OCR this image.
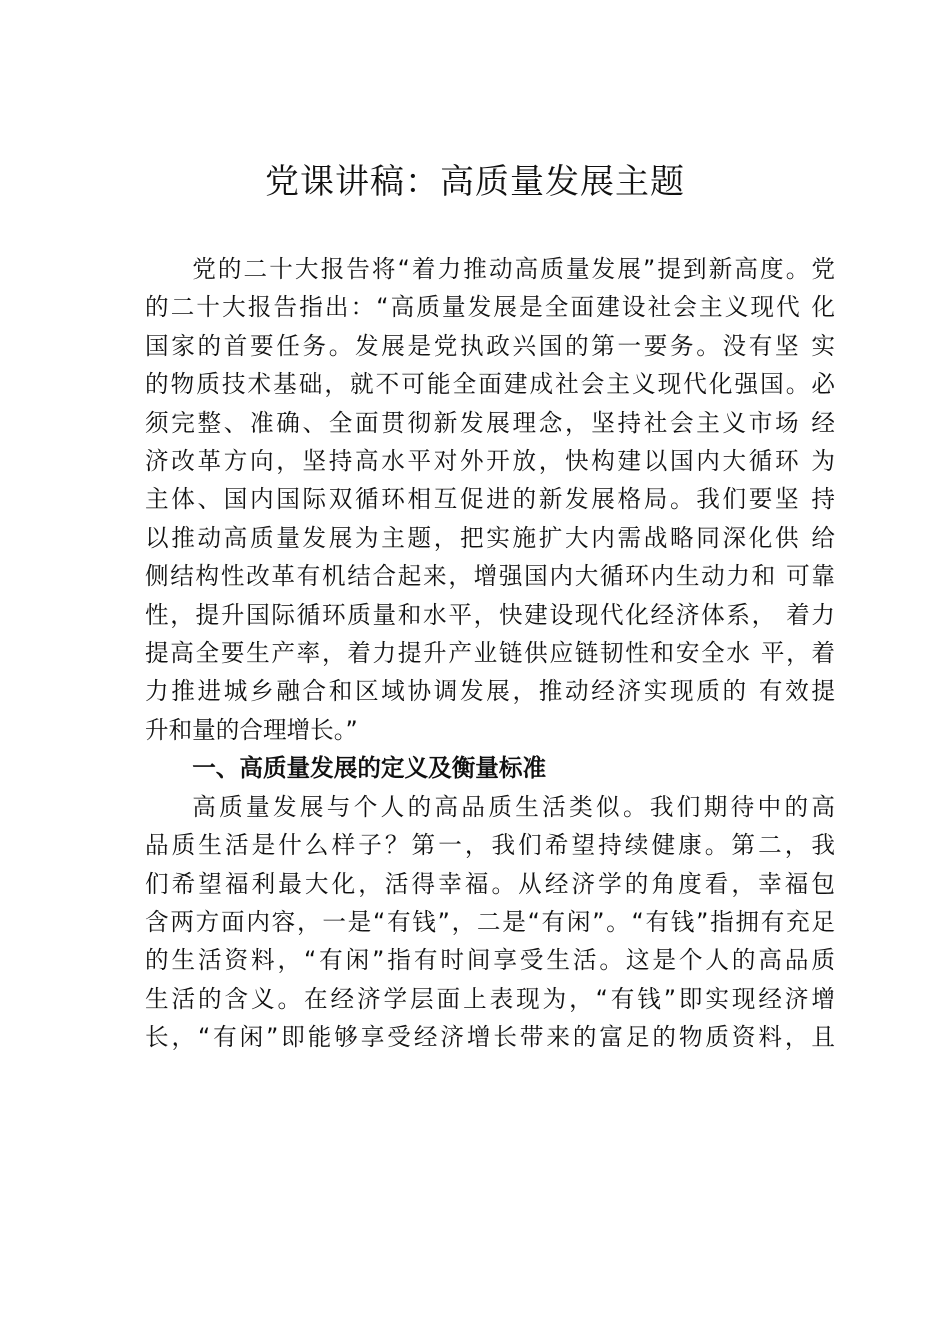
党课讲稿：高质量发展主题

党的二十大报告将“着力推动高质量发展”提到新高度。党
的二十大报告指出：“高质量发展是全面建设社会主义现代 化
国家的首要任务。发展是党执政兴国的第一要务。没有坚 实
的物质技术基础，就不可能全面建成社会主义现代化强国。必
须完整、准确、全面贯彻新发展理念，坚持社会主义市场 经
济改革方向，坚持高水平对外开放，快构建以国内大循环 为
主体、国内国际双循环相互促进的新发展格局。我们要坚 持
以推动高质量发展为主题，把实施扩大内需战略同深化供 给
侧结构性改革有机结合起来，增强国内大循环内生动力和 可靠
性，提升国际循环质量和水平，快建设现代化经济体系， 着力
提高全要生产率，着力提升产业链供应链韧性和安全水 平，着
力推进城乡融合和区域协调发展，推动经济实现质的 有效提
升和量的合理增长。”

一、高质量发展的定义及衡量标准

高质量发展与个人的高品质生活类似。我们期待中的高
品质生活是什么样子？第一，我们希望持续健康。第二，我
们希望福利最大化，活得幸福。从经济学的角度看，幸福包
含两方面内容，一是“有钱”，二是“有闲”。“有钱”指拥有充足
的生活资料，“有闲”指有时间享受生活。这是个人的高品质
生活的含义。在经济学层面上表现为，“有钱”即实现经济增
长，“有闲”即能够享受经济增长带来的富足的物质资料，且
